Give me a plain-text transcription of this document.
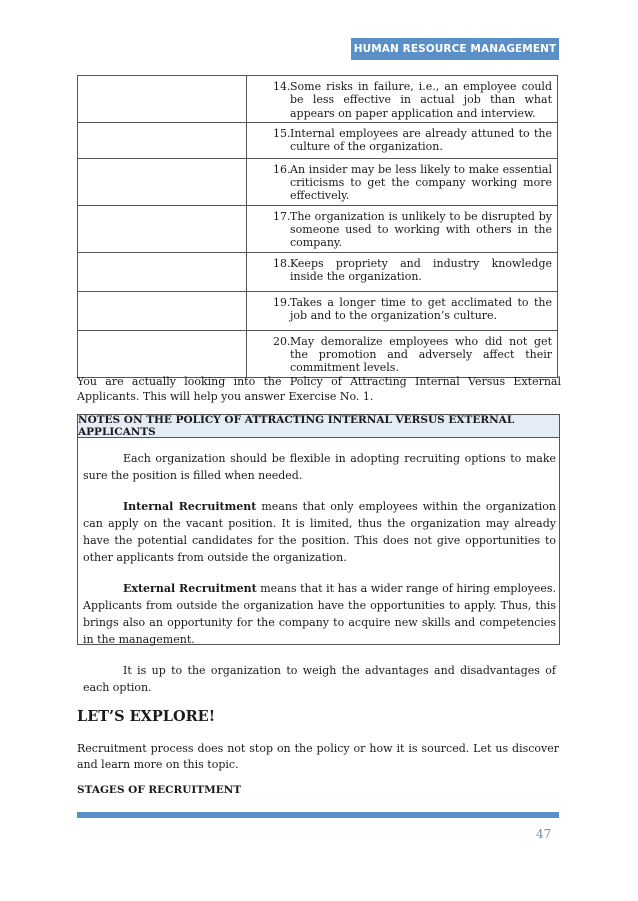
HUMAN RESOURCE MANAGEMENT

	14. Some risks in failure, i.e., an employee could be less effective in actual job than what appears on paper application and interview.

	15. Internal employees are already attuned to the culture of the organization.

	16. An insider may be less likely to make essential criticisms to get the company working more effectively.

	17. The organization is unlikely to be disrupted by someone used to working with others in the company.

	18. Keeps propriety and industry knowledge inside the organization.

	19. Takes a longer time to get acclimated to the job and to the organization’s culture.

	20. May demoralize employees who did not get the promotion and adversely affect their commitment levels.

You are actually looking into the Policy of Attracting Internal Versus External Applicants. This will help you answer Exercise No. 1.

NOTES ON THE POLICY OF ATTRACTING INTERNAL VERSUS EXTERNAL APPLICANTS

Each organization should be flexible in adopting recruiting options to make sure the position is filled when needed.

Internal Recruitment means that only employees within the organization can apply on the vacant position. It is limited, thus the organization may already have the potential candidates for the position. This does not give opportunities to other applicants from outside the organization.

External Recruitment means that it has a wider range of hiring employees. Applicants from outside the organization have the opportunities to apply. Thus, this brings also an opportunity for the company to acquire new skills and competencies in the management.

It is up to the organization to weigh the advantages and disadvantages of each option.

LET’S EXPLORE!

Recruitment process does not stop on the policy or how it is sourced. Let us discover and learn more on this topic.

STAGES OF RECRUITMENT
47
